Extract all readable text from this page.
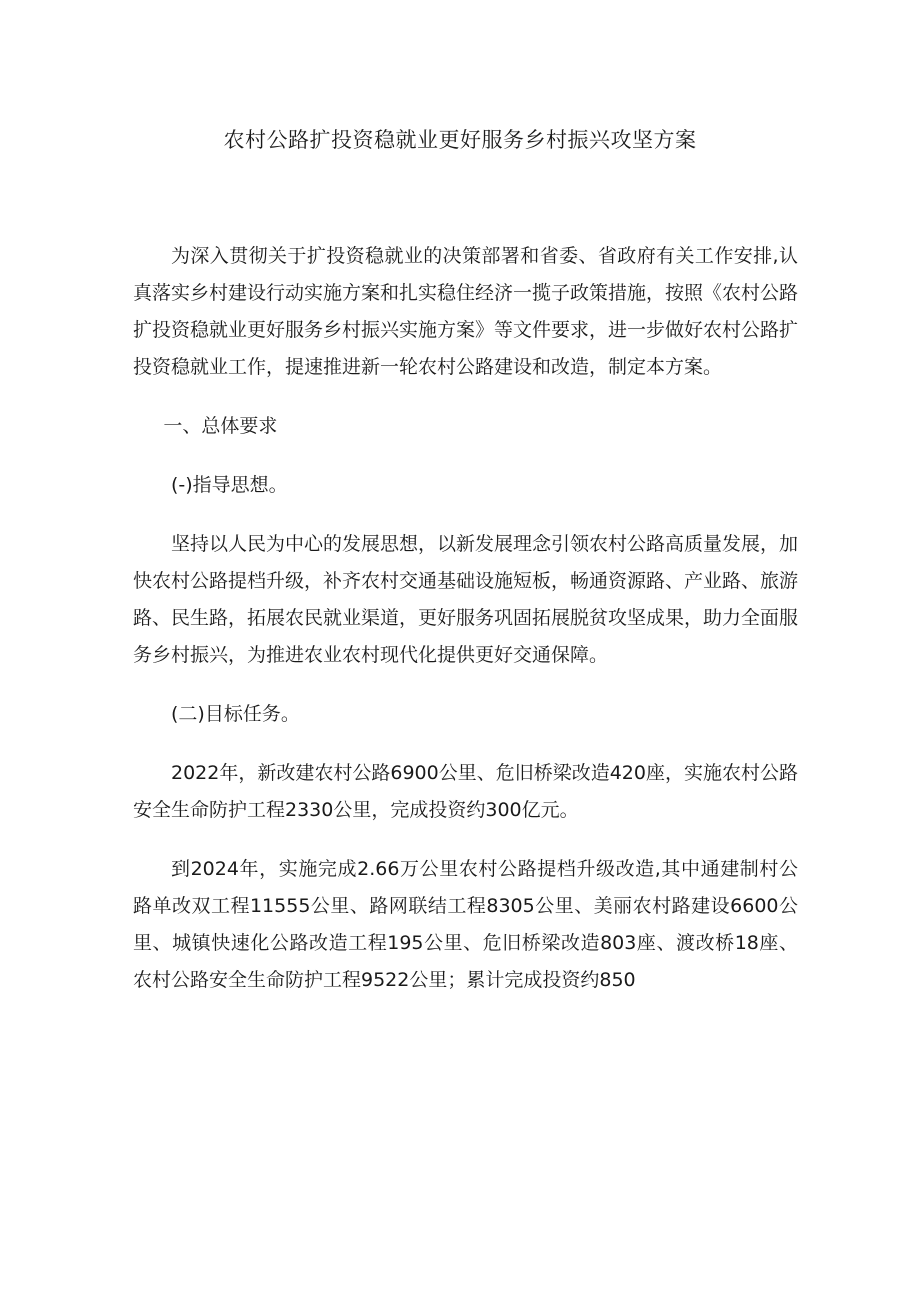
农村公路扩投资稳就业更好服务乡村振兴攻坚方案

为深入贯彻关于扩投资稳就业的决策部署和省委、省政府有关工作安排,认真落实乡村建设行动实施方案和扎实稳住经济一揽子政策措施，按照《农村公路扩投资稳就业更好服务乡村振兴实施方案》等文件要求，进一步做好农村公路扩投资稳就业工作，提速推进新一轮农村公路建设和改造，制定本方案。

一、总体要求

(-)指导思想。

坚持以人民为中心的发展思想，以新发展理念引领农村公路高质量发展，加快农村公路提档升级，补齐农村交通基础设施短板，畅通资源路、产业路、旅游路、民生路，拓展农民就业渠道，更好服务巩固拓展脱贫攻坚成果，助力全面服务乡村振兴，为推进农业农村现代化提供更好交通保障。

(二)目标任务。

2022年，新改建农村公路6900公里、危旧桥梁改造420座，实施农村公路安全生命防护工程2330公里，完成投资约300亿元。

到2024年，实施完成2.66万公里农村公路提档升级改造,其中通建制村公路单改双工程11555公里、路网联结工程8305公里、美丽农村路建设6600公里、城镇快速化公路改造工程195公里、危旧桥梁改造803座、渡改桥18座、农村公路安全生命防护工程9522公里；累计完成投资约850
